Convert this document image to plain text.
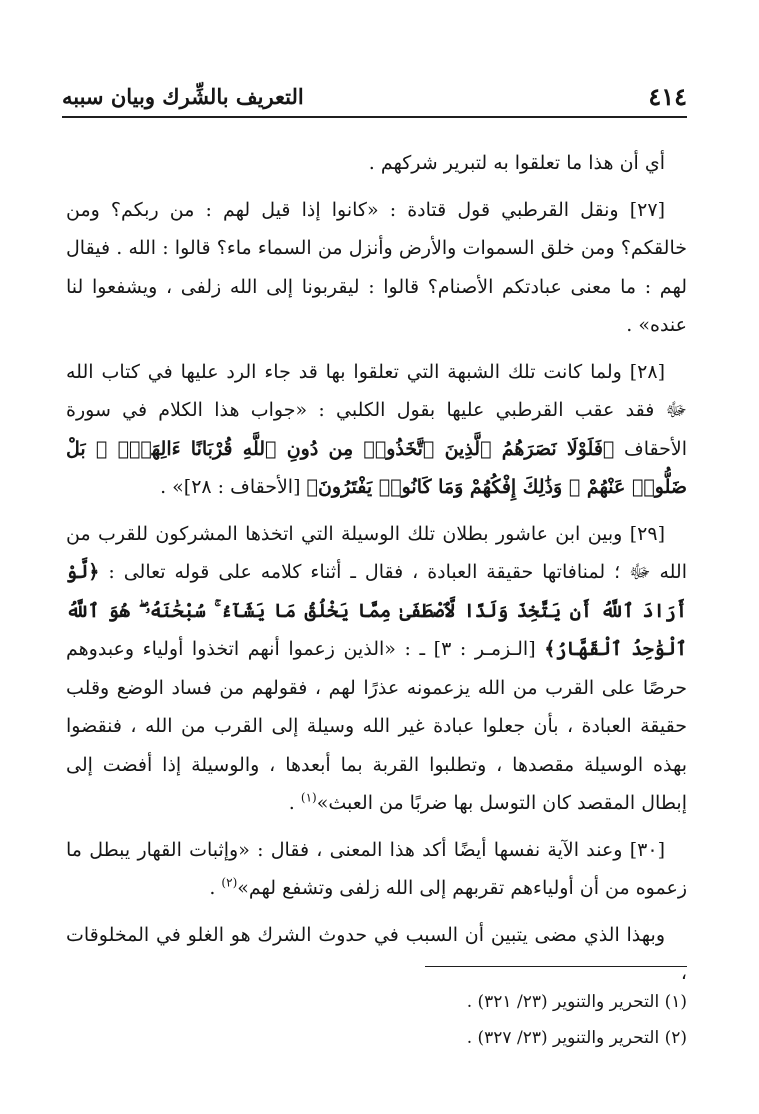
٤١٤
التعريف بالشِّرك وبيان سببه

أي أن هذا ما تعلقوا به لتبرير شركهم .

[٢٧] ونقل القرطبي قول قتادة : «كانوا إذا قيل لهم : من ربكم؟ ومن خالقكم؟ ومن خلق السموات والأرض وأنزل من السماء ماء؟ قالوا : الله . فيقال لهم : ما معنى عبادتكم الأصنام؟ قالوا : ليقربونا إلى الله زلفى ، ويشفعوا لنا عنده» .

[٢٨] ولما كانت تلك الشبهة التي تعلقوا بها قد جاء الرد عليها في كتاب الله ﷻ فقد عقب القرطبي عليها بقول الكلبي : «جواب هذا الكلام في سورة الأحقاف ﴿فَلَوْلَا نَصَرَهُمُ ٱلَّذِينَ ٱتَّخَذُوا۟ مِن دُونِ ٱللَّهِ قُرْبَانًا ءَالِهَةًۢ ۖ بَلْ ضَلُّوا۟ عَنْهُمْ ۚ وَذَٰلِكَ إِفْكُهُمْ وَمَا كَانُوا۟ يَفْتَرُونَ﴾ [الأحقاف : ٢٨]» .

[٢٩] وبين ابن عاشور بطلان تلك الوسيلة التي اتخذها المشركون للقرب من الله ﷻ ؛ لمنافاتها حقيقة العبادة ، فقال ـ أثناء كلامه على قوله تعالى : ﴿لَّوْ أَرَادَ ٱللَّهُ أَن يَتَّخِذَ وَلَدًا لَّٱصْطَفَىٰ مِمَّا يَخْلُقُ مَا يَشَآءُ ۚ سُبْحَٰنَهُۥ ۖ هُوَ ٱللَّهُ ٱلْوَٰحِدُ ٱلْقَهَّارُ﴾ [الـزمـر : ٣] ـ : «الذين زعموا أنهم اتخذوا أولياء وعبدوهم حرصًا على القرب من الله يزعمونه عذرًا لهم ، فقولهم من فساد الوضع وقلب حقيقة العبادة ، بأن جعلوا عبادة غير الله وسيلة إلى القرب من الله ، فنقضوا بهذه الوسيلة مقصدها ، وتطلبوا القربة بما أبعدها ، والوسيلة إذا أفضت إلى إبطال المقصد كان التوسل بها ضربًا من العبث»$^{(١)}$ .

[٣٠] وعند الآية نفسها أيضًا أكد هذا المعنى ، فقال : «وإثبات القهار يبطل ما زعموه من أن أولياءهم تقربهم إلى الله زلفى وتشفع لهم»$^{(٢)}$ .

وبهذا الذي مضى يتبين أن السبب في حدوث الشرك هو الغلو في المخلوقات ،

(١) التحرير والتنوير (٢٣/ ٣٢١) .

(٢) التحرير والتنوير (٢٣/ ٣٢٧) .
